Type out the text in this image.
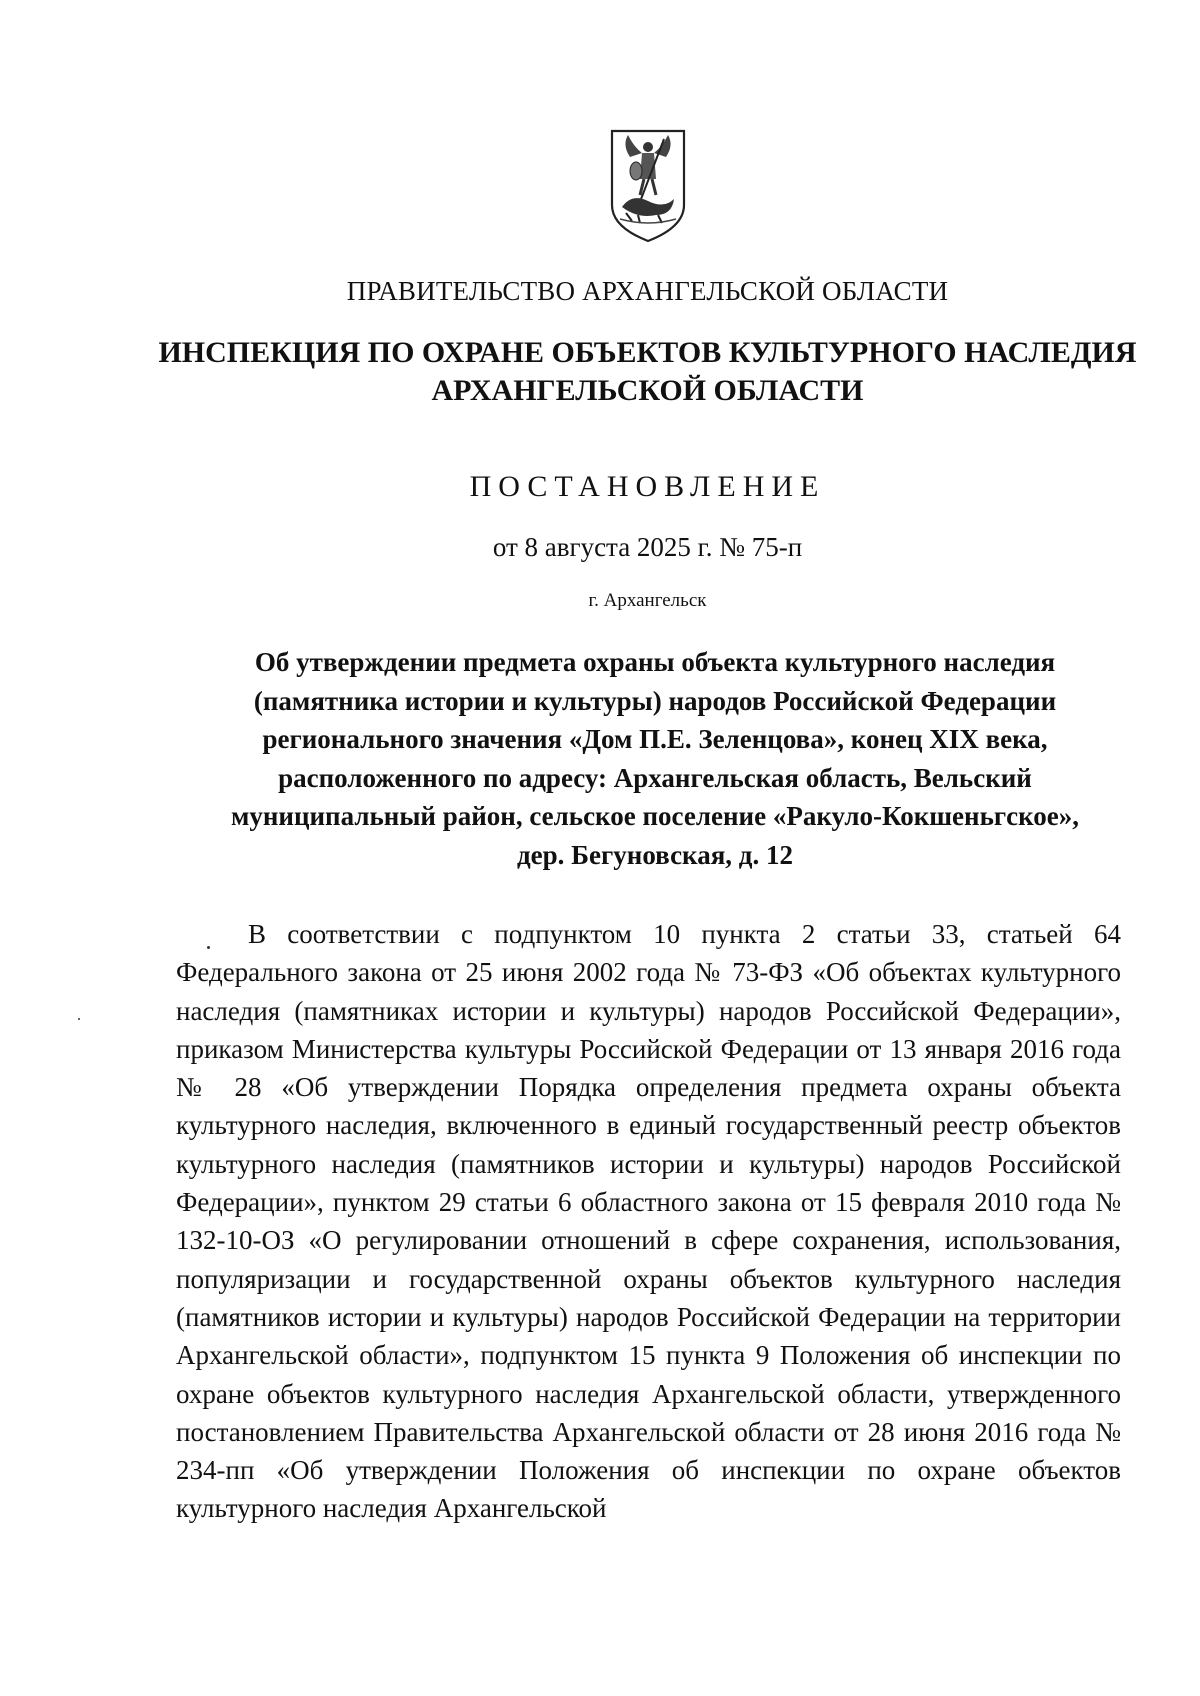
ПРАВИТЕЛЬСТВО АРХАНГЕЛЬСКОЙ ОБЛАСТИ
ИНСПЕКЦИЯ ПО ОХРАНЕ ОБЪЕКТОВ КУЛЬТУРНОГО НАСЛЕДИЯ
АРХАНГЕЛЬСКОЙ ОБЛАСТИ
ПОСТАНОВЛЕНИЕ
от 8 августа 2025 г. № 75-п
г. Архангельск
Об утверждении предмета охраны объекта культурного наследия
(памятника истории и культуры) народов Российской Федерации
регионального значения «Дом П.Е. Зеленцова», конец XIX века,
расположенного по адресу: Архангельская область, Вельский
муниципальный район, сельское поселение «Ракуло-Кокшеньгское»,
дер. Бегуновская, д. 12
В соответствии с подпунктом 10 пункта 2 статьи 33, статьей 64 Федерального закона от 25 июня 2002 года № 73-ФЗ «Об объектах культурного наследия (памятниках истории и культуры) народов Российской Федерации», приказом Министерства культуры Российской Федерации от 13 января 2016 года № 28 «Об утверждении Порядка определения предмета охраны объекта культурного наследия, включенного в единый государственный реестр объектов культурного наследия (памятников истории и культуры) народов Российской Федерации», пунктом 29 статьи 6 областного закона от 15 февраля 2010 года № 132-10-ОЗ «О регулировании отношений в сфере сохранения, использования, популяризации и государственной охраны объектов культурного наследия (памятников истории и культуры) народов Российской Федерации на территории Архангельской области», подпунктом 15 пункта 9 Положения об инспекции по охране объектов культурного наследия Архангельской области, утвержденного постановлением Правительства Архангельской области от 28 июня 2016 года № 234-пп «Об утверждении Положения об инспекции по охране объектов культурного наследия Архангельской
